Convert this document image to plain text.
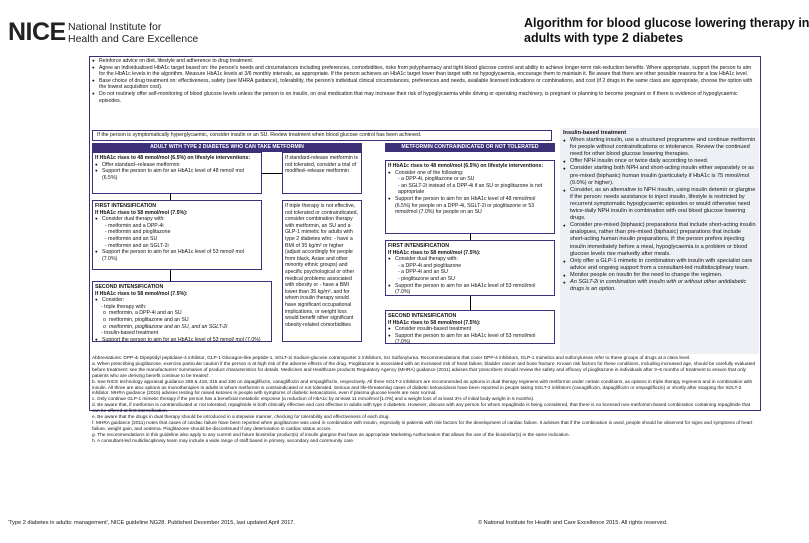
NICE National Institute for
Health and Care Excellence
Algorithm for blood glucose lowering therapy in
adults with type 2 diabetes
● Reinforce advice on diet, lifestyle and adherence to drug treatment.
● Agree an individualised HbA1c target based on: the person's needs and circumstances including preferences, comorbidities, risks from polypharmacy and tight blood glucose control and ability to achieve longer-term risk-reduction benefits. Where appropriate, support the person to aim for the HbA1c levels in the algorithm. Measure HbA1c levels at 3/6 monthly intervals, as appropriate. If the person achieves an HbA1c target lower than target with no hypoglycaemia, encourage them to maintain it. Be aware that there are other possible reasons for a low HbA1c level.
● Base choice of drug treatment on: effectiveness, safety (see MHRA guidance), tolerability, the person's individual clinical circumstances, preferences and needs, available licensed indications or combinations, and cost (if 2 drugs in the same class are appropriate, choose the option with the lowest acquisition cost).
● Do not routinely offer self-monitoring of blood glucose levels unless the person is on insulin, on oral medication that may increase their risk of hypoglycaemia while driving or operating machinery, is pregnant or planning to become pregnant or if there is evidence of hypoglycaemic episodes.
If the person is symptomatically hyperglycaemic, consider insulin or an SU. Review treatment when blood glucose control has been achieved.
ADULT WITH TYPE 2 DIABETES WHO CAN TAKE METFORMIN	METFORMIN CONTRAINDICATED OR NOT TOLERATED
If HbA1c rises to 48 mmol/mol (6.5%) on lifestyle interventions:
● Offer standard–release metformin
● Support the person to aim for an HbA1c level of 48 mmol/ mol (6.5%)
If standard-release metformin is not tolerated, consider a trial of modified–release metformin
FIRST INTENSIFICATION
If HbA1c rises to 58 mmol/mol (7.5%):
● Consider dual therapy with:
- metformin and a DPP-4i
- metformin and pioglitazone
- metformin and an SU
- metformin and an SGLT-2i
● Support the person to aim for an HbA1c level of 53 mmol/ mol (7.0%)
If triple therapy is not effective, not tolerated or contraindicated, consider combination therapy with metformin, an SU and a GLP-1 mimetic for adults with type 2 diabetes who: - have a BMI of 35 kg/m² or higher (adjust accordingly for people from black, Asian and other minority ethnic groups) and specific psychological or other medical problems associated with obesity or - have a BMI lower than 35 kg/m², and for whom insulin therapy would have significant occupational implications, or weight loss would benefit other significant obesity-related comorbidities
SECOND INTENSIFICATION
If HbA1c rises to 58 mmol/mol (7.5%):
● Consider:
- triple therapy with:
o metformin, a DPP-4i and an SU
o metformin, pioglitazone and an SU
o metformin, pioglitazone and an SU, and an SGLT-2i
- insulin-based treatment
● Support the person to aim for an HbA1c level of 53 mmol/ mol (7.0%)
If HbA1c rises to 48 mmol/mol (6.5%) on lifestyle interventions:
● Consider one of the following:
- a DPP-4i, pioglitazone or an SU
- an SGLT-2i instead of a DPP-4i if an SU or pioglitazone is not appropriate
● Support the person to aim for an HbA1c level of 48 mmol/mol (6.5%) for people on a DPP-4i, SGLT-2i or pioglitazone or 53 mmol/mol (7.0%) for people on an SU
FIRST INTENSIFICATION
If HbA1c rises to 58 mmol/mol (7.5%):
● Consider dual therapy with:
- a DPP-4i and pioglitazone
- a DPP-4i and an SU
- pioglitazone and an SU
● Support the person to aim for an HbA1c level of 53 mmol/mol (7.0%)
SECOND INTENSIFICATION
If HbA1c rises to 58 mmol/mol (7.5%):
● Consider insulin-based treatment
● Support the person to aim for an HbA1c level of 53 mmol/mol (7.0%)
Insulin-based treatment
● When starting insulin, use a structured programme and continue metformin for people without contraindications or intolerance. Review the continued need for other blood glucose lowering therapies.
● Offer NPH insulin once or twice daily according to need.
● Consider starting both NPH and short-acting insulin either separately or as pre-mixed (biphasic) human insulin (particularly if HbA1c is 75 mmol/mol (9.0%) or higher).
● Consider, as an alternative to NPH insulin, using insulin detemir or glargine if the person: needs assistance to inject insulin, lifestyle is restricted by recurrent symptomatic hypoglycaemic episodes or would otherwise need twice-daily NPH insulin in combination with oral blood glucose lowering drugs.
● Consider pre-mixed (biphasic) preparations that include short-acting insulin analogues, rather than pre-mixed (biphasic) preparations that include short-acting human insulin preparations, if: the person prefers injecting insulin immediately before a meal, hypoglycaemia is a problem or blood glucose levels rise markedly after meals.
● Only offer a GLP-1 mimetic in combination with insulin with specialist care advice and ongoing support from a consultant-led multidisciplinary team.
● Monitor people on insulin for the need to change the regimen.
● An SGLT-2i in combination with insulin with or without other antidiabetic drugs is an option.
Abbreviations: DPP-4i Dipeptidyl peptidase-4 inhibitor, GLP-1 Glucagon-like peptide-1, SGLT-2i Sodium-glucose cotransporter 2 inhibitors, SU Sulfonylurea. Recommendations that cover DPP-4 inhibitors, GLP-1 mimetics and sulfonylureas refer to these groups of drugs at a class level.
a. When prescribing pioglitazone, exercise particular caution if the person is at high risk of the adverse effects of the drug. Pioglitazone is associated with an increased risk of heart failure, bladder cancer and bone fracture. Known risk factors for these conditions, including increased age, should be carefully evaluated before treatment: see the manufacturers' summaries of product characteristics for details. Medicines and Healthcare products Regulatory Agency (MHRA) guidance (2011) advises that 'prescribers should review the safety and efficacy of pioglitazone in individuals after 3–6 months of treatment to ensure that only patients who are deriving benefit continue to be treated'.
b. See NICE technology appraisal guidance 288 & 418, 315 and 336 on dapagliflozin, canagliflozin and empagliflozin, respectively. All three SGLT-2 inhibitors are recommended as options in dual therapy regimens with metformin under certain conditions, as options in triple therapy regimens and in combination with insulin. All three are also options as monotherapies in adults in whom metformin is contraindicated or not tolerated. Serious and life-threatening cases of diabetic ketoacidosis have been reported in people taking SGLT-2 inhibitors (canagliflozin, dapagliflozin or empagliflozin) or shortly after stopping the SGLT-2 inhibitor. MHRA guidance (2015) advises testing for raised ketones in people with symptoms of diabetic ketoacidosis, even if plasma glucose levels are near normal.
c. Only continue GLP-1 mimetic therapy if the person has a beneficial metabolic response (a reduction of HbA1c by at least 11 mmol/mol [1.0%] and a weight loss of at least 3% of initial body weight in 6 months).
d. Be aware that, if metformin is contraindicated or not tolerated, repaglinide is both clinically effective and cost effective in adults with type 2 diabetes. However, discuss with any person for whom repaglinide is being considered, that there is no licensed non-metformin-based combination containing repaglinide that can be offered at first intensification.
e. Be aware that the drugs in dual therapy should be introduced in a stepwise manner, checking for tolerability and effectiveness of each drug.
f. MHRA guidance (2011) notes that cases of cardiac failure have been reported when pioglitazone was used in combination with insulin, especially in patients with risk factors for the development of cardiac failure. It advises that if the combination is used, people should be observed for signs and symptoms of heart failure, weight gain, and oedema. Pioglitazone should be discontinued if any deterioration in cardiac status occurs.
g. The recommendations in this guideline also apply to any current and future biosimilar product(s) of insulin glargine that have an appropriate Marketing Authorisation that allows the use of the biosimilar(s) in the same indication.
h. A consultant-led multidisciplinary team may include a wide range of staff based in primary, secondary and community care.
'Type 2 diabetes in adults: management', NICE guideline NG28. Published December 2015, last updated April 2017.	© National Institute for Health and Care Excellence 2015. All rights reserved.
